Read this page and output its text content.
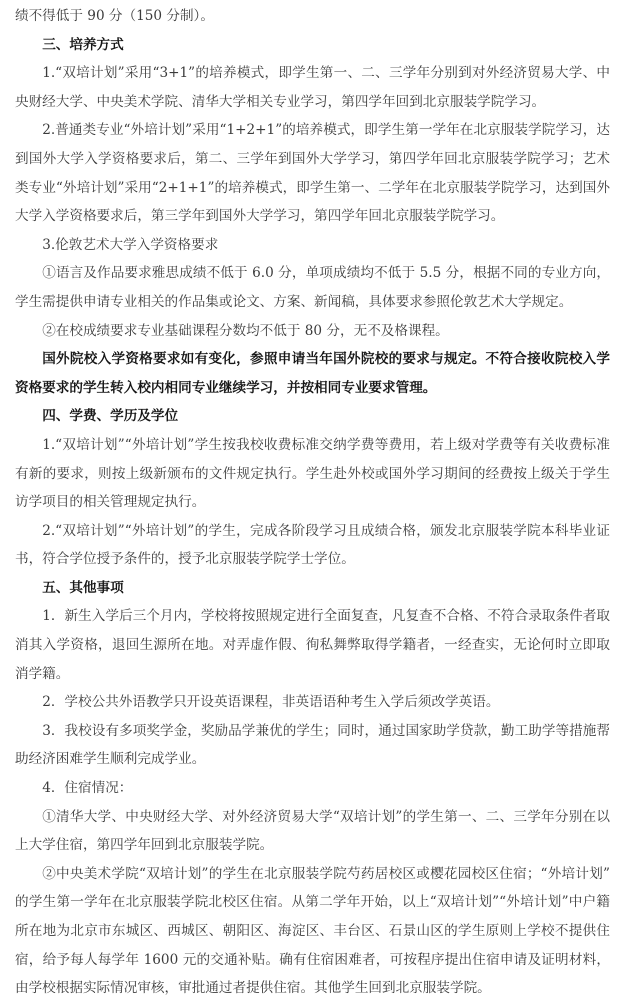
绩不得低于 90 分（150 分制）。

三、培养方式

1.“双培计划”采用“3+1”的培养模式，即学生第一、二、三学年分别到对外经济贸易大学、中央财经大学、中央美术学院、清华大学相关专业学习，第四学年回到北京服装学院学习。

2.普通类专业“外培计划”采用“1+2+1”的培养模式，即学生第一学年在北京服装学院学习，达到国外大学入学资格要求后，第二、三学年到国外大学学习，第四学年回北京服装学院学习；艺术类专业“外培计划”采用“2+1+1”的培养模式，即学生第一、二学年在北京服装学院学习，达到国外大学入学资格要求后，第三学年到国外大学学习，第四学年回北京服装学院学习。

3.伦敦艺术大学入学资格要求

①语言及作品要求雅思成绩不低于 6.0 分，单项成绩均不低于 5.5 分，根据不同的专业方向，学生需提供申请专业相关的作品集或论文、方案、新闻稿，具体要求参照伦敦艺术大学规定。

②在校成绩要求专业基础课程分数均不低于 80 分，无不及格课程。

国外院校入学资格要求如有变化，参照申请当年国外院校的要求与规定。不符合接收院校入学资格要求的学生转入校内相同专业继续学习，并按相同专业要求管理。

四、学费、学历及学位

1.“双培计划”“外培计划”学生按我校收费标准交纳学费等费用，若上级对学费等有关收费标准有新的要求，则按上级新颁布的文件规定执行。学生赴外校或国外学习期间的经费按上级关于学生访学项目的相关管理规定执行。

2.“双培计划”“外培计划”的学生，完成各阶段学习且成绩合格，颁发北京服装学院本科毕业证书，符合学位授予条件的，授予北京服装学院学士学位。

五、其他事项

1．新生入学后三个月内，学校将按照规定进行全面复查，凡复查不合格、不符合录取条件者取消其入学资格，退回生源所在地。对弄虚作假、徇私舞弊取得学籍者，一经查实，无论何时立即取消学籍。

2．学校公共外语教学只开设英语课程，非英语语种考生入学后须改学英语。

3．我校设有多项奖学金，奖励品学兼优的学生；同时，通过国家助学贷款，勤工助学等措施帮助经济困难学生顺利完成学业。

4．住宿情况：

①清华大学、中央财经大学、对外经济贸易大学“双培计划”的学生第一、二、三学年分别在以上大学住宿，第四学年回到北京服装学院。

②中央美术学院“双培计划”的学生在北京服装学院芍药居校区或樱花园校区住宿；“外培计划”的学生第一学年在北京服装学院北校区住宿。从第二学年开始，以上“双培计划”“外培计划”中户籍所在地为北京市东城区、西城区、朝阳区、海淀区、丰台区、石景山区的学生原则上学校不提供住宿，给予每人每学年 1600 元的交通补贴。确有住宿困难者，可按程序提出住宿申请及证明材料，由学校根据实际情况审核，审批通过者提供住宿。其他学生回到北京服装学院。
